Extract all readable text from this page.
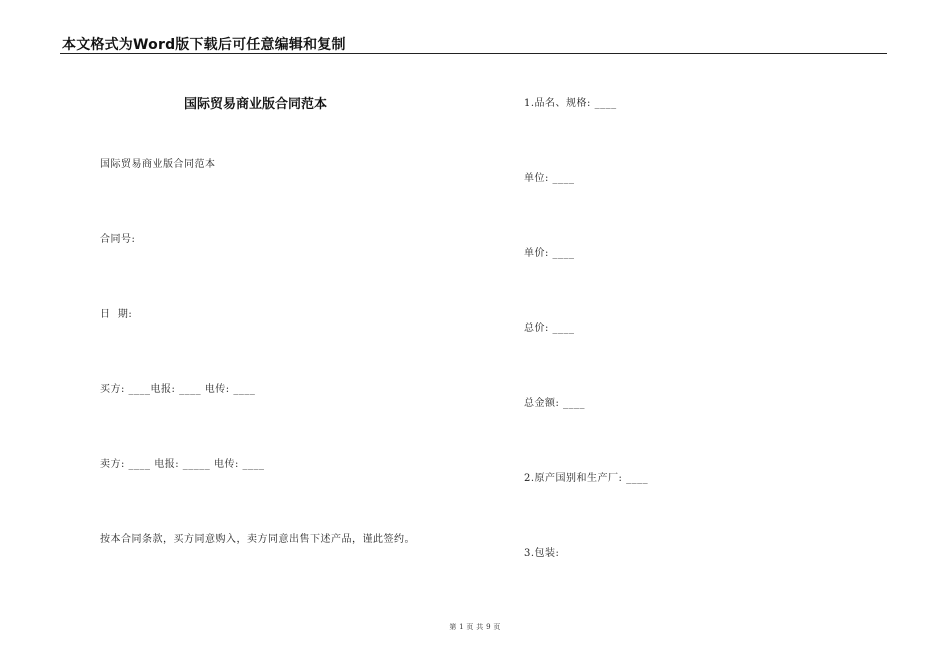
本文格式为Word版下载后可任意编辑和复制
国际贸易商业版合同范本
国际贸易商业版合同范本
合同号:
日  期:
买方: ____电报: ____ 电传: ____
卖方: ____ 电报: _____ 电传: ____
按本合同条款，买方同意购入，卖方同意出售下述产品，谨此签约。
1.品名、规格: ____
单位: ____
单价: ____
总价: ____
总金额: ____
2.原产国别和生产厂: ____
3.包装:
第 1 页 共 9 页
